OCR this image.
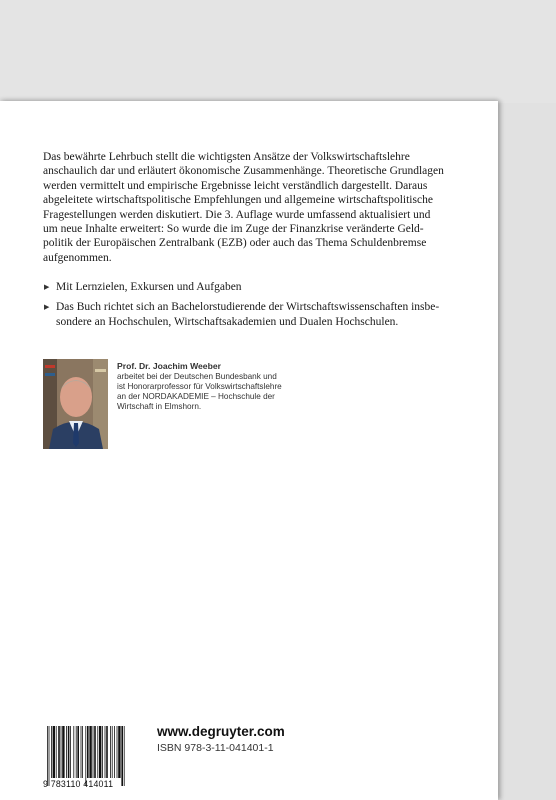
Das bewährte Lehrbuch stellt die wichtigsten Ansätze der Volkswirtschaftslehre
anschaulich dar und erläutert ökonomische Zusammenhänge. Theoretische Grundlagen
werden vermittelt und empirische Ergebnisse leicht verständlich dargestellt. Daraus
abgeleitete wirtschaftspolitische Empfehlungen und allgemeine wirtschaftspolitische
Fragestellungen werden diskutiert. Die 3. Auflage wurde umfassend aktualisiert und
um neue Inhalte erweitert: So wurde die im Zuge der Finanzkrise veränderte Geld-
politik der Europäischen Zentralbank (EZB) oder auch das Thema Schuldenbremse
aufgenommen.

▶ Mit Lernzielen, Exkursen und Aufgaben
▶ Das Buch richtet sich an Bachelorstudierende der Wirtschaftswissenschaften insbe-
sondere an Hochschulen, Wirtschaftsakademien und Dualen Hochschulen.
Prof. Dr. Joachim Weeber
arbeitet bei der Deutschen Bundesbank und
ist Honorarprofessor für Volkswirtschaftslehre
an der NORDAKADEMIE – Hochschule der
Wirtschaft in Elmshorn.
9 783110 414011
www.degruyter.com
ISBN 978-3-11-041401-1
